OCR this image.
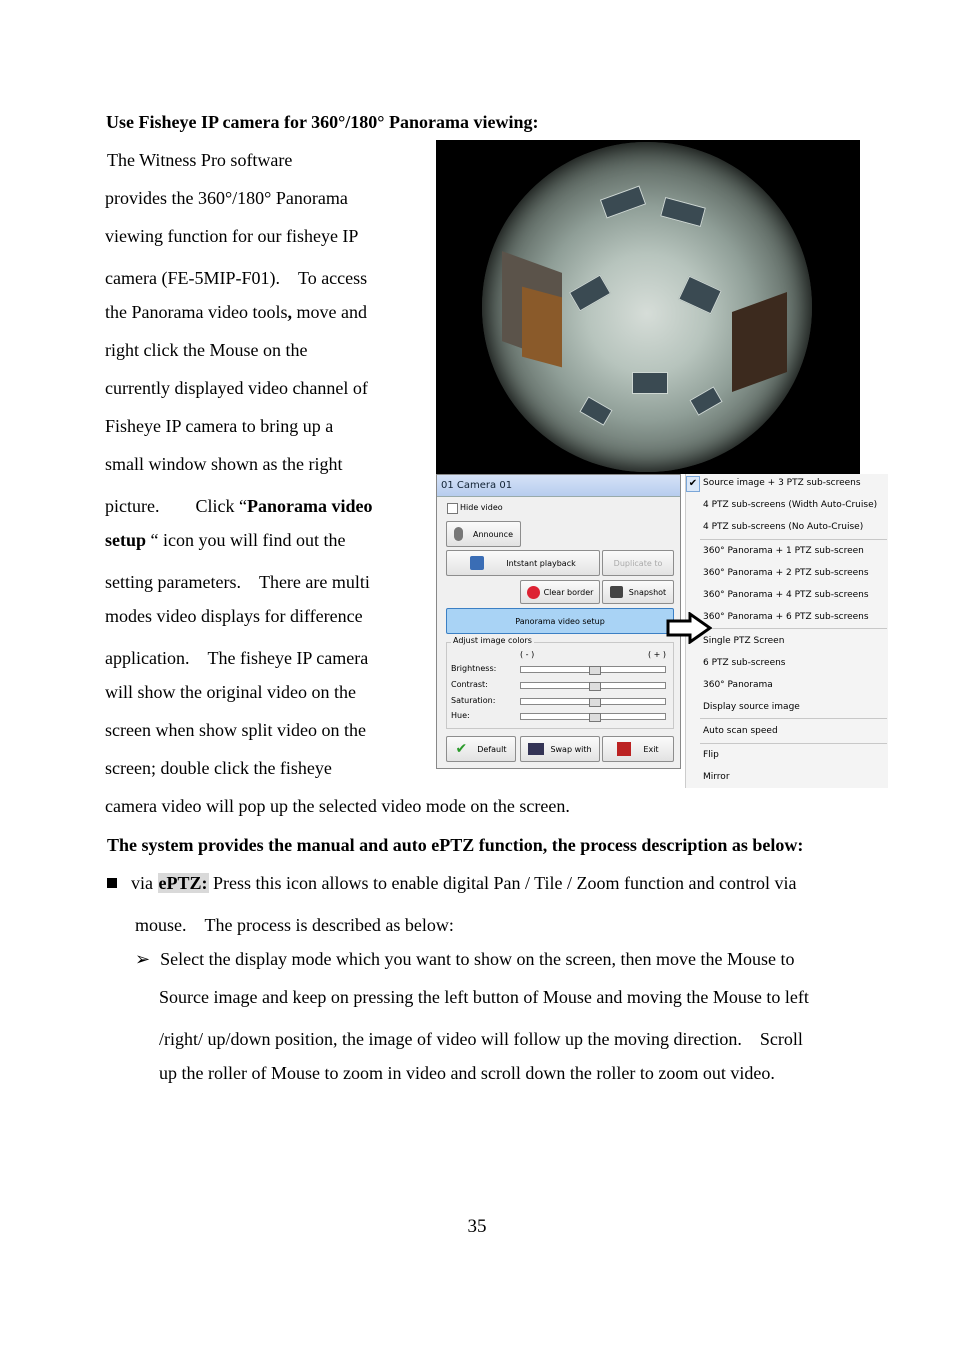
Use Fisheye IP camera for 360°/180° Panorama viewing:
The Witness Pro software
provides the 360°/180° Panorama
viewing function for our fisheye IP
camera (FE-5MIP-F01).　To access
the Panorama video tools, move and
right click the Mouse on the
currently displayed video channel of
Fisheye IP camera to bring up a
small window shown as the right
picture.　　Click “Panorama video
setup “ icon you will find out the
setting parameters.　There are multi
modes video displays for difference
application.　The fisheye IP camera
will show the original video on the
screen when show split video on the
screen; double click the fisheye
camera video will pop up the selected video mode on the screen.
01 Camera 01
Hide video
Announce
Intstant playback	Duplicate to
Clear border	Snapshot
Panorama video setup
Adjust image colors
( - )	( + )
Brightness:
Contrast:
Saturation:
Hue:
✔ Default	Swap with	Exit
✔ Source image + 3 PTZ sub-screens
4 PTZ sub-screens (Width Auto-Cruise)
4 PTZ sub-screens (No Auto-Cruise)
360° Panorama + 1 PTZ sub-screen
360° Panorama + 2 PTZ sub-screens
360° Panorama + 4 PTZ sub-screens
360° Panorama + 6 PTZ sub-screens
Single PTZ Screen
6 PTZ sub-screens
360° Panorama
Display source image
Auto scan speed
Flip
Mirror
The system provides the manual and auto ePTZ function, the process description as below:
via ePTZ: Press this icon allows to enable digital Pan / Tile / Zoom function and control via
mouse.　The process is described as below:
➢ Select the display mode which you want to show on the screen, then move the Mouse to
Source image and keep on pressing the left button of Mouse and moving the Mouse to left
/right/ up/down position, the image of video will follow up the moving direction.　Scroll
up the roller of Mouse to zoom in video and scroll down the roller to zoom out video.
35
